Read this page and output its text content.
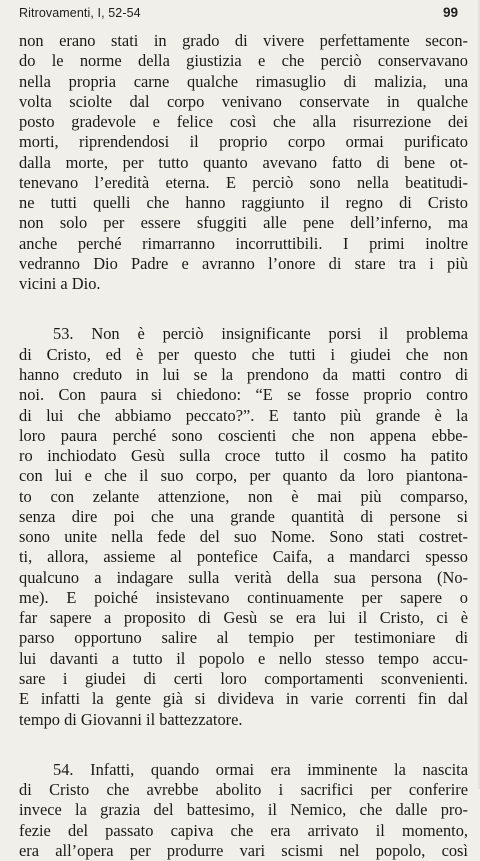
Ritrovamenti, I, 52-54	99
non erano stati in grado di vivere perfettamente secon-
do le norme della giustizia e che perciò conservavano
nella propria carne qualche rimasuglio di malizia, una
volta sciolte dal corpo venivano conservate in qualche
posto gradevole e felice così che alla risurrezione dei
morti, riprendendosi il proprio corpo ormai purificato
dalla morte, per tutto quanto avevano fatto di bene ot-
tenevano l’eredità eterna. E perciò sono nella beatitudi-
ne tutti quelli che hanno raggiunto il regno di Cristo
non solo per essere sfuggiti alle pene dell’inferno, ma
anche perché rimarranno incorruttibili. I primi inoltre
vedranno Dio Padre e avranno l’onore di stare tra i più
vicini a Dio.
53. Non è perciò insignificante porsi il problema
di Cristo, ed è per questo che tutti i giudei che non
hanno creduto in lui se la prendono da matti contro di
noi. Con paura si chiedono: “E se fosse proprio contro
di lui che abbiamo peccato?”. E tanto più grande è la
loro paura perché sono coscienti che non appena ebbe-
ro inchiodato Gesù sulla croce tutto il cosmo ha patito
con lui e che il suo corpo, per quanto da loro piantona-
to con zelante attenzione, non è mai più comparso,
senza dire poi che una grande quantità di persone si
sono unite nella fede del suo Nome. Sono stati costret-
ti, allora, assieme al pontefice Caifa, a mandarci spesso
qualcuno a indagare sulla verità della sua persona (No-
me). E poiché insistevano continuamente per sapere o
far sapere a proposito di Gesù se era lui il Cristo, ci è
parso opportuno salire al tempio per testimoniare di
lui davanti a tutto il popolo e nello stesso tempo accu-
sare i giudei di certi loro comportamenti sconvenienti.
E infatti la gente già si divideva in varie correnti fin dal
tempo di Giovanni il battezzatore.
54. Infatti, quando ormai era imminente la nascita
di Cristo che avrebbe abolito i sacrifici per conferire
invece la grazia del battesimo, il Nemico, che dalle pro-
fezie del passato capiva che era arrivato il momento,
era all’opera per produrre vari scismi nel popolo, così
